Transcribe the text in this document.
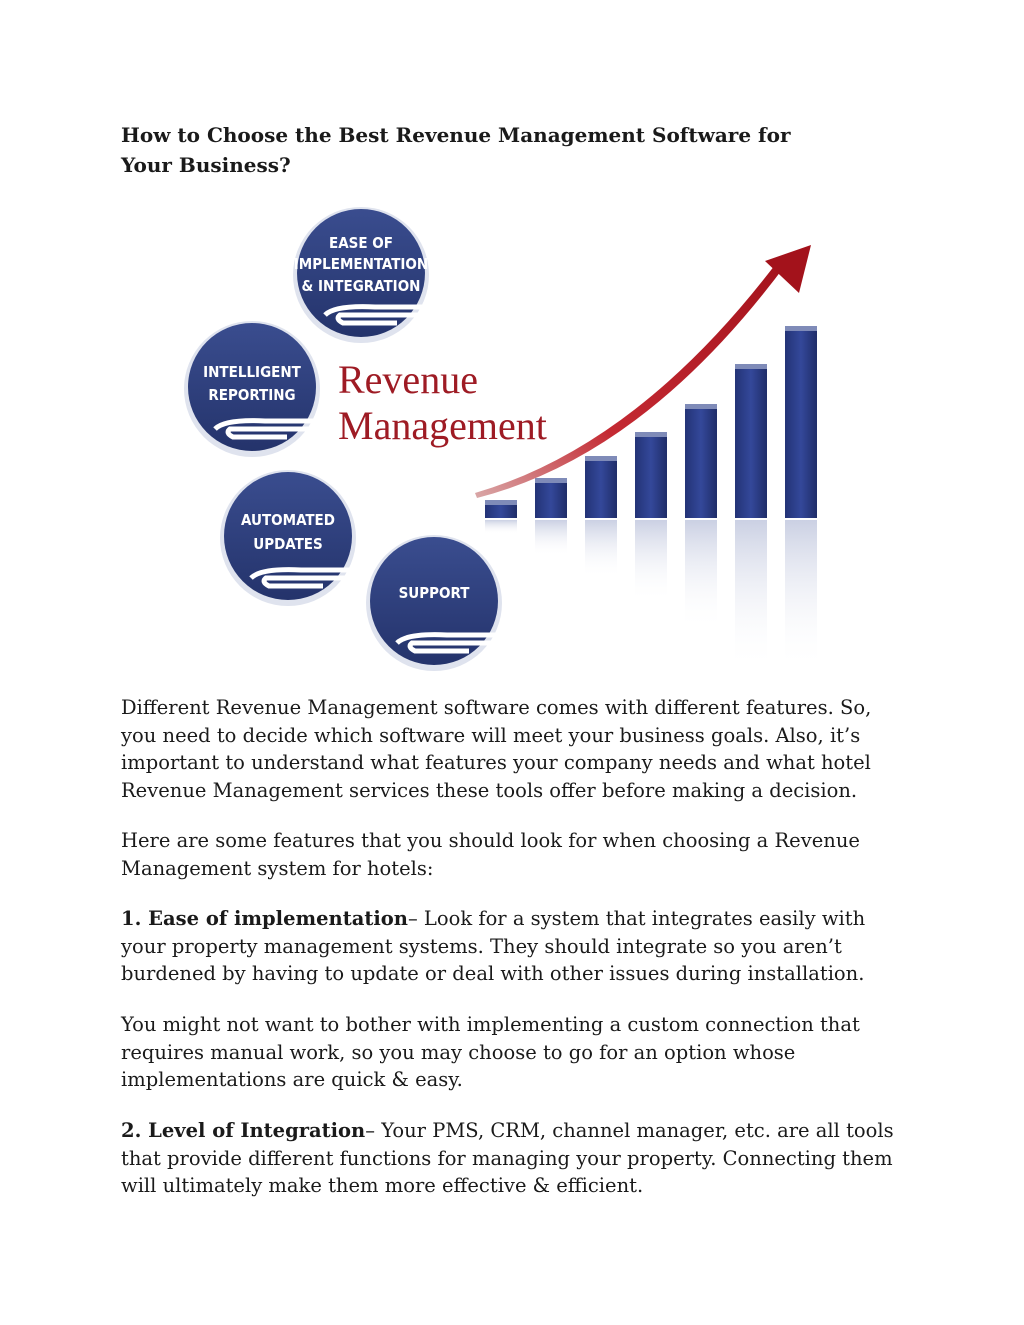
How to Choose the Best Revenue Management Software for Your Business?
EASE OF
IMPLEMENTATION
& INTEGRATION
INTELLIGENT
REPORTING
AUTOMATED
UPDATES
SUPPORT
Revenue
Management

Different Revenue Management software comes with different features. So, you need to decide which software will meet your business goals. Also, it’s important to understand what features your company needs and what hotel Revenue Management services these tools offer before making a decision.

Here are some features that you should look for when choosing a Revenue Management system for hotels:

1. Ease of implementation– Look for a system that integrates easily with your property management systems. They should integrate so you aren’t burdened by having to update or deal with other issues during installation.

You might not want to bother with implementing a custom connection that requires manual work, so you may choose to go for an option whose implementations are quick & easy.

2. Level of Integration– Your PMS, CRM, channel manager, etc. are all tools that provide different functions for managing your property. Connecting them will ultimately make them more effective & efficient.
